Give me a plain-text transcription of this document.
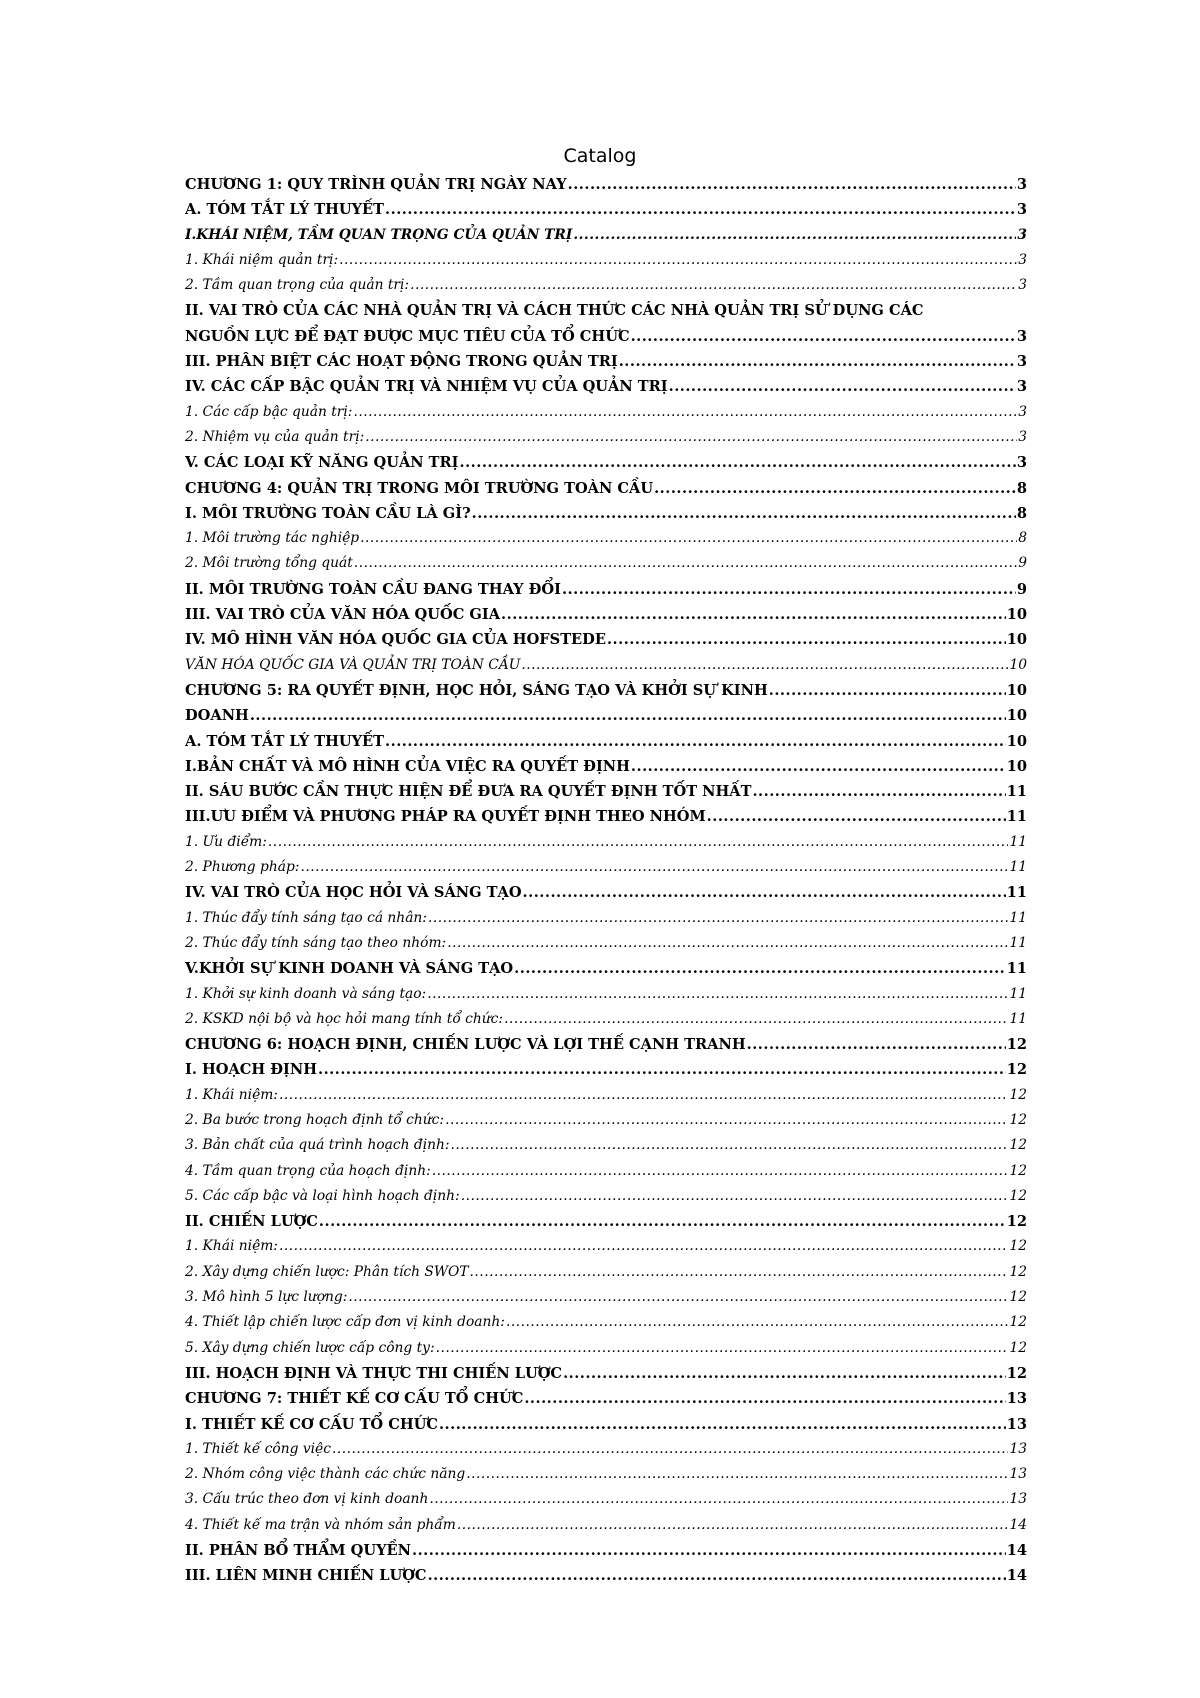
Catalog
CHƯƠNG 1: QUY TRÌNH QUẢN TRỊ NGÀY NAY .....	3
A. TÓM TẮT LÝ THUYẾT .....	3
I.KHÁI NIỆM, TẦM QUAN TRỌNG CỦA QUẢN TRỊ .....	3
1. Khái niệm quản trị: .....	3
2. Tầm quan trọng của quản trị: .....	3
II. VAI TRÒ CỦA CÁC NHÀ QUẢN TRỊ VÀ CÁCH THỨC CÁC NHÀ QUẢN TRỊ SỬ DỤNG CÁC
NGUỒN LỰC ĐỂ ĐẠT ĐƯỢC MỤC TIÊU CỦA TỔ CHỨC .....	3
III. PHÂN BIỆT CÁC HOẠT ĐỘNG TRONG QUẢN TRỊ .....	3
IV. CÁC CẤP BẬC QUẢN TRỊ VÀ NHIỆM VỤ CỦA QUẢN TRỊ .....	3
1. Các cấp bậc quản trị: .....	3
2. Nhiệm vụ của quản trị: .....	3
V. CÁC LOẠI KỸ NĂNG QUẢN TRỊ .....	3
CHƯƠNG 4: QUẢN TRỊ TRONG MÔI TRƯỜNG TOÀN CẦU .....	8
I. MÔI TRƯỜNG TOÀN CẦU LÀ GÌ? .....	8
1. Môi trường tác nghiệp .....	8
2. Môi trường tổng quát .....	9
II. MÔI TRƯỜNG TOÀN CẦU ĐANG THAY ĐỔI .....	9
III. VAI TRÒ CỦA VĂN HÓA QUỐC GIA .....	10
IV. MÔ HÌNH VĂN HÓA QUỐC GIA CỦA HOFSTEDE .....	10
VĂN HÓA QUỐC GIA VÀ QUẢN TRỊ TOÀN CẦU .....	10
CHƯƠNG 5: RA QUYẾT ĐỊNH, HỌC HỎI, SÁNG TẠO VÀ KHỞI SỰ KINH .....	10
DOANH .....	10
A. TÓM TẮT LÝ THUYẾT .....	10
I.BẢN CHẤT VÀ MÔ HÌNH CỦA VIỆC RA QUYẾT ĐỊNH .....	10
II. SÁU BƯỚC CẦN THỰC HIỆN ĐỂ ĐƯA RA QUYẾT ĐỊNH TỐT NHẤT .....	11
III.ƯU ĐIỂM VÀ PHƯƠNG PHÁP RA QUYẾT ĐỊNH THEO NHÓM .....	11
1. Ưu điểm: .....	11
2. Phương pháp: .....	11
IV. VAI TRÒ CỦA HỌC HỎI VÀ SÁNG TẠO .....	11
1. Thúc đẩy tính sáng tạo cá nhân: .....	11
2. Thúc đẩy tính sáng tạo theo nhóm: .....	11
V.KHỞI SỰ KINH DOANH VÀ SÁNG TẠO .....	11
1. Khởi sự kinh doanh và sáng tạo: .....	11
2. KSKD nội bộ và học hỏi mang tính tổ chức: .....	11
CHƯƠNG 6: HOẠCH ĐỊNH, CHIẾN LƯỢC VÀ LỢI THẾ CẠNH TRANH .....	12
I. HOẠCH ĐỊNH .....	12
1. Khái niệm: .....	12
2. Ba bước trong hoạch định tổ chức: .....	12
3. Bản chất của quá trình hoạch định: .....	12
4. Tầm quan trọng của hoạch định: .....	12
5. Các cấp bậc và loại hình hoạch định: .....	12
II. CHIẾN LƯỢC .....	12
1. Khái niệm: .....	12
2. Xây dựng chiến lược: Phân tích SWOT .....	12
3. Mô hình 5 lực lượng: .....	12
4. Thiết lập chiến lược cấp đơn vị kinh doanh: .....	12
5. Xây dựng chiến lược cấp công ty: .....	12
III. HOẠCH ĐỊNH VÀ THỰC THI CHIẾN LƯỢC .....	12
CHƯƠNG 7: THIẾT KẾ CƠ CẤU TỔ CHỨC .....	13
I. THIẾT KẾ CƠ CẤU TỔ CHỨC .....	13
1. Thiết kế công việc .....	13
2. Nhóm công việc thành các chức năng .....	13
3. Cấu trúc theo đơn vị kinh doanh .....	13
4. Thiết kế ma trận và nhóm sản phẩm .....	14
II. PHÂN BỔ THẨM QUYỀN .....	14
III. LIÊN MINH CHIẾN LƯỢC .....	14
